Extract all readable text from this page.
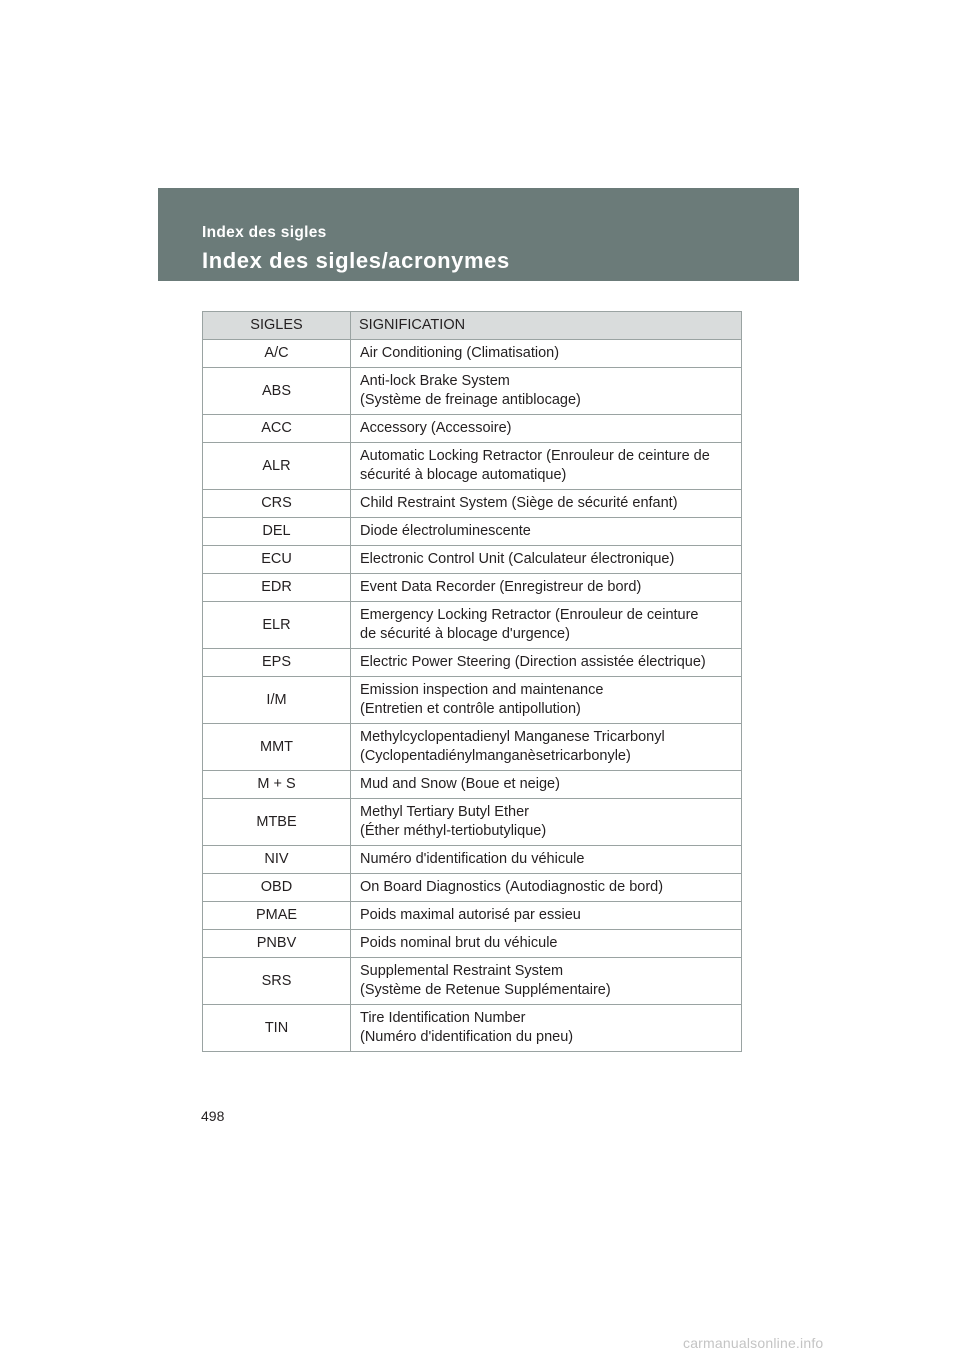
Index des sigles
Index des sigles/acronymes
SIGLES	SIGNIFICATION
A/C	Air Conditioning (Climatisation)

ABS	Anti-lock Brake System
(Système de freinage antiblocage)

ACC	Accessory (Accessoire)

ALR	Automatic Locking Retractor (Enrouleur de ceinture de
sécurité à blocage automatique)

CRS	Child Restraint System (Siège de sécurité enfant)

DEL	Diode électroluminescente

ECU	Electronic Control Unit (Calculateur électronique)

EDR	Event Data Recorder (Enregistreur de bord)

ELR	Emergency Locking Retractor (Enrouleur de ceinture
de sécurité à blocage d'urgence)

EPS	Electric Power Steering (Direction assistée électrique)

I/M	Emission inspection and maintenance
(Entretien et contrôle antipollution)

MMT	Methylcyclopentadienyl Manganese Tricarbonyl
(Cyclopentadiénylmanganèsetricarbonyle)

M + S	Mud and Snow (Boue et neige)

MTBE	Methyl Tertiary Butyl Ether
(Éther méthyl-tertiobutylique)

NIV	Numéro d'identification du véhicule

OBD	On Board Diagnostics (Autodiagnostic de bord)

PMAE	Poids maximal autorisé par essieu

PNBV	Poids nominal brut du véhicule

SRS	Supplemental Restraint System
(Système de Retenue Supplémentaire)

TIN	Tire Identification Number
(Numéro d'identification du pneu)
498
carmanualsonline.info
